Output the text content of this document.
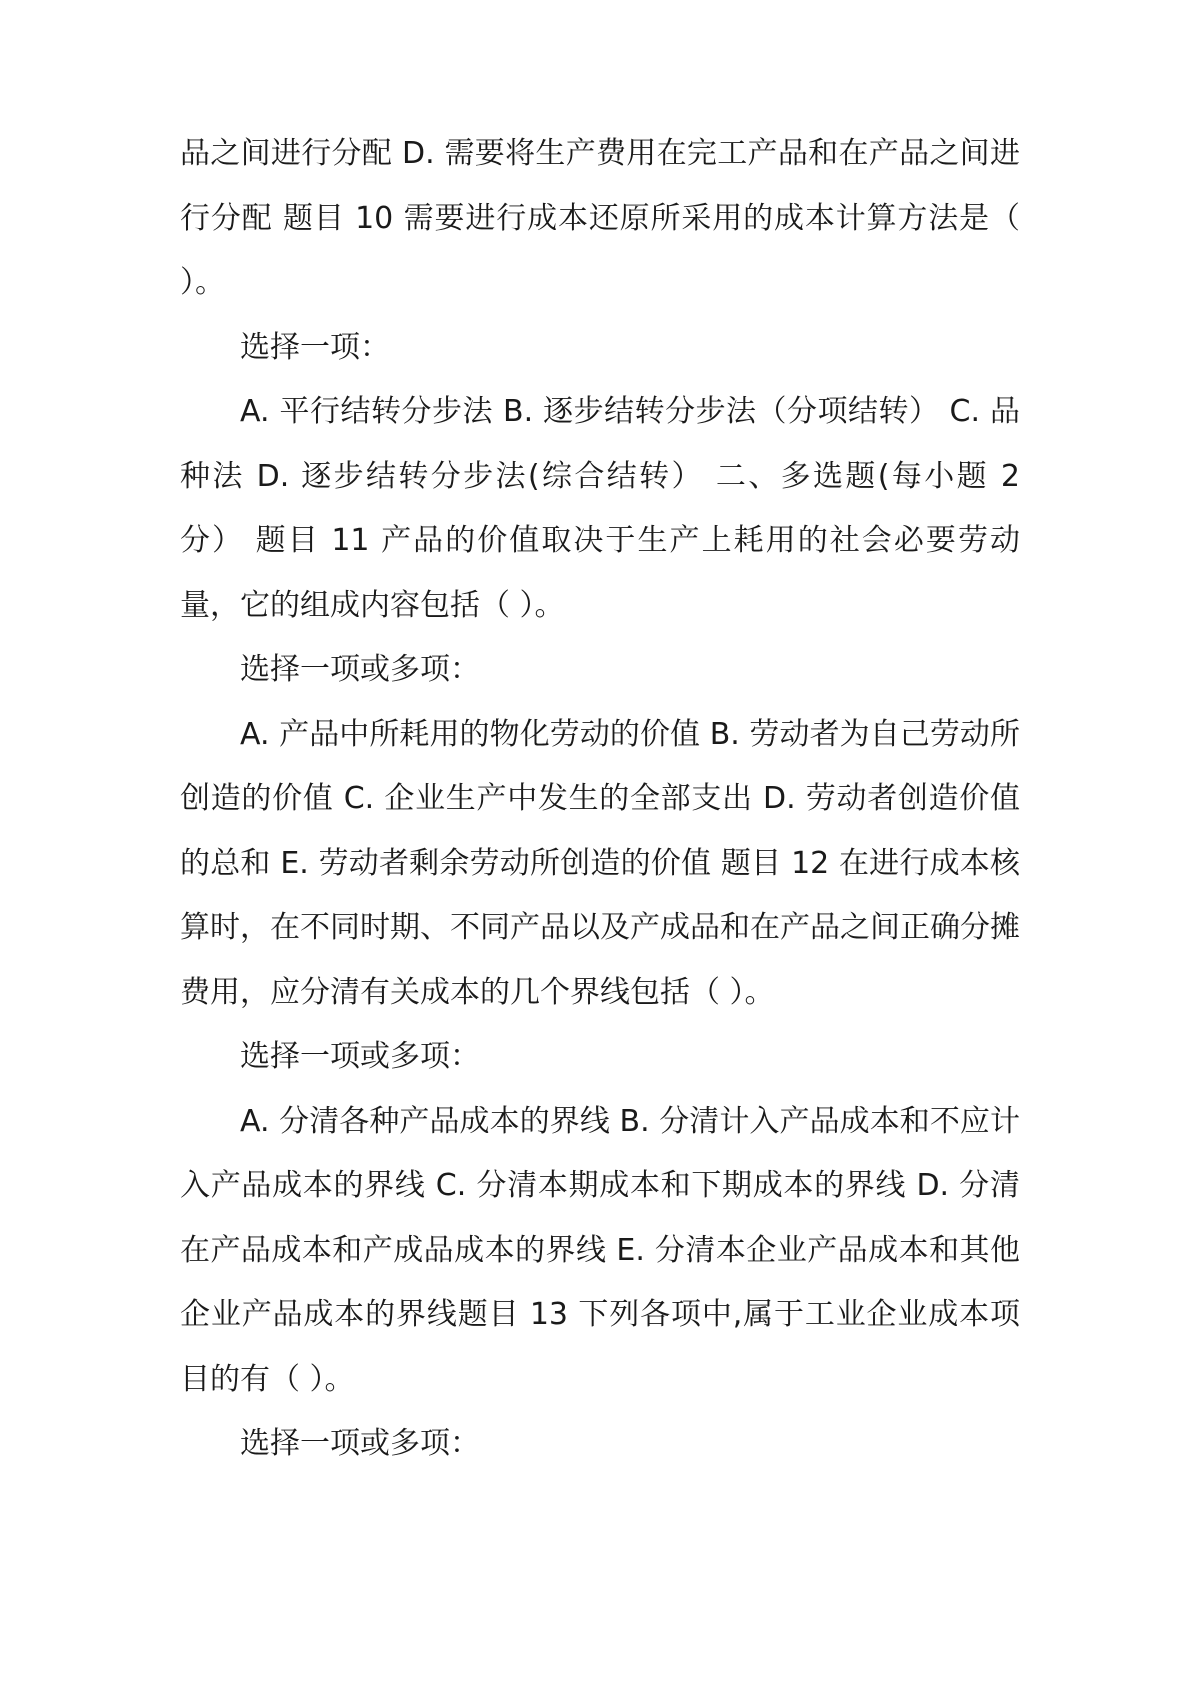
品之间进行分配 D. 需要将生产费用在完工产品和在产品之间进行分配 题目 10 需要进行成本还原所采用的成本计算方法是（ ）。

选择一项：

A. 平行结转分步法 B. 逐步结转分步法（分项结转） C. 品种法 D. 逐步结转分步法(综合结转） 二、多选题(每小题 2 分） 题目 11 产品的价值取决于生产上耗用的社会必要劳动量，它的组成内容包括（ ）。

选择一项或多项：

A. 产品中所耗用的物化劳动的价值 B. 劳动者为自己劳动所创造的价值 C. 企业生产中发生的全部支出 D. 劳动者创造价值的总和 E. 劳动者剩余劳动所创造的价值 题目 12 在进行成本核算时，在不同时期、不同产品以及产成品和在产品之间正确分摊费用，应分清有关成本的几个界线包括（ ）。

选择一项或多项：

A. 分清各种产品成本的界线 B. 分清计入产品成本和不应计入产品成本的界线 C. 分清本期成本和下期成本的界线 D. 分清在产品成本和产成品成本的界线 E. 分清本企业产品成本和其他企业产品成本的界线题目 13 下列各项中,属于工业企业成本项目的有（ ）。

选择一项或多项：
